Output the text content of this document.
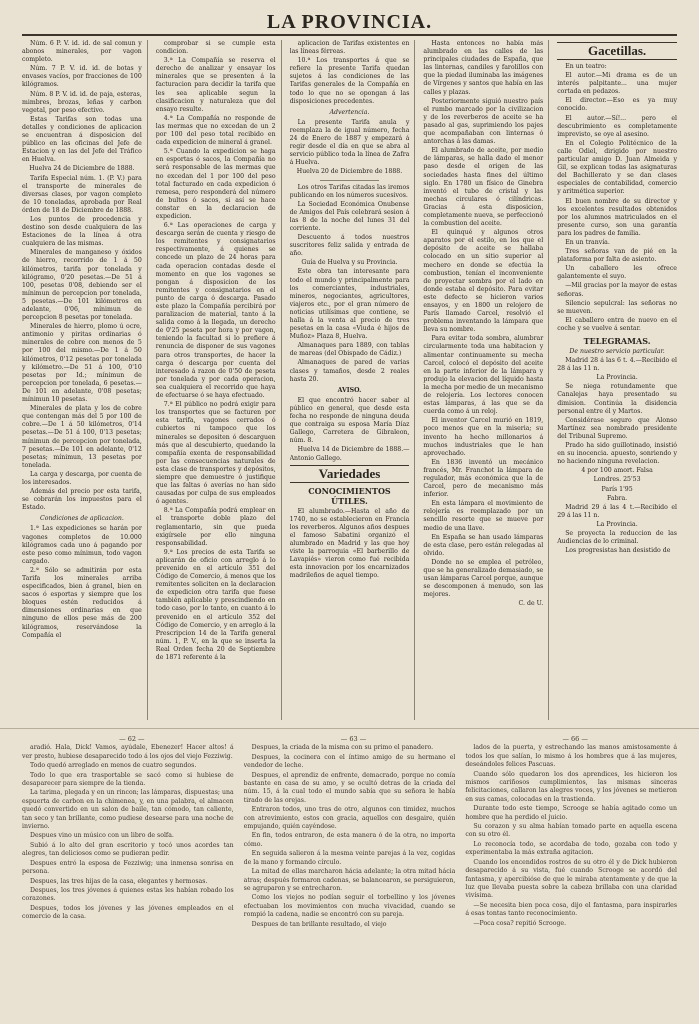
LA PROVINCIA.

Núm. 6 P. V. id. id. de sal comun y abonos minerales, por vagon completo.

Núm. 7 P. V. id. id. de botas y envases vacíos, por fracciones de 100 kilógramos.

Núm. 8 P. V. id. id. de paja, esteras, mimbres, brozas, leñas y carbon vegetal, por peso efectivo.

Estas Tarifas son todas una detalles y condiciones de aplicacion se encuentran á disposicion del público en las oficinas del Jefe de Estacion y en las del Jefe del Tráfico en Huelva.

Huelva 24 de Diciembre de 1888.

Tarifa Especial núm. 1. (P. V.) para el transporte de minerales de diversas clases, por vagon completo de 10 toneladas, aprobada por Real órden de 18 de Diciembre de 1888.

Los puntos de procedencia y destino son desde cualquiera de las Estaciones de la línea á otra cualquiera de las mismas.

Minerales de manganeso y óxidos de hierro, recorrido de 1 á 50 kilómetros, tarifa por tonelada y kilógramo, 0'20 pesetas.—De 51 á 100, pesetas 0'08, debiendo ser el mínimun de percepcion por tonelada, 5 pesetas.—De 101 kilómetros en adelante, 0'06, mínimun de percepcion 8 pesetas por tonelada.

Minerales de hierro, plomo ú ocre, antimonio y piritas ordinarias ó minerales de cobre con menos de 5 por 100 del mismo.—De 1 á 50 kilómetros, 0'12 pesetas por tonelada y kilómetro.—De 51 á 100, 0'10 pesetas por Id.; mínimun de percepcion por tonelada, 6 pesetas.—De 101 en adelante, 0'08 pesetas; mínimun 10 pesetas.

Minerales de plata y los de cobre que contengan más del 5 por 100 de cobre.—De 1 á 50 kilómetros, 0'14 pesetas.—De 51 á 100, 0'13 pesetas; mínimun de percepcion por tonelada, 7 pesetas.—De 101 en adelante, 0'12 pesetas; mínimun, 13 pesetas por tonelada.

La carga y descarga, por cuenta de los interesados.

Además del precio por esta tarifa, se cobrarán los impuestos para el Estado.

Condiciones de aplicacion.

1.ª Las expediciones se harán por vagones completos de 10.000 kilógramos cada uno á pagando por este peso como mínimun, todo vagon cargado.

2.ª Sólo se admitirán por esta Tarifa los minerales arriba especificados, bien á granel, bien en sacos ó esportas y siempre que los bloques estén reducidos á dimensiones ordinarias en que ninguno de ellos pese más de 200 kilógramos, reservándose la Compañía el

comprobar si se cumple esta condicion.

3.ª La Compañía se reserva el derecho de analizar y ensayar los minerales que se presenten á la facturacion para decidir la tarifa que les sea aplicable segun la clasificacion y naturaleza que del ensayo resulte.

4.ª La Compañía no responde de las mermas que no excedan de un 2 por 100 del peso total recibido en cada expedicion de mineral á granel.

5.ª Cuando la expedicion se haga en esportas ó sacos, la Compañía no será responsable de las mermas que no excedan del 1 por 100 del peso total facturado en cada expedicion ó remesa, pero responderá del número de bultos ó sacos, si así se hace constar en la declaracion de expedicion.

6.ª Las operaciones de carga y descarga serán de cuenta y riesgo de los remitentes y consignatarios respectivamente, á quienes se concede un plazo de 24 horas para cada operacion contadas desde el momento en que los vagones se pongan á disposicion de los remitentes y consignatarios en el punto de carga ó descarga. Pasado este plazo la Compañía percibirá por paralizacion de material, tanto á la salida como á la llegada, un derecho de 0'25 peseta por hora y por vagon, teniendo la facultad si lo prefiere á renuncia de disponer de sus vagones para otros transportes, de hacer la carga ó descarga por cuenta del interesado á razon de 0'50 de peseta por tonelada y por cada operacion, sea cualquiera el recorrido que haya de efectuarse ó se haya efectuado.

7.ª El público no podrá exigir para los transportes que se facturen por esta tarifa, vagones cerrados ó cubiertos ni tampoco que los minerales se depositen ó descarguen más que al descubierto, quedando la compañía exenta de responsabilidad por las consecuencias naturales de esta clase de transportes y depósitos, siempre que demuestre ó justifique que las faltas ó averías no han sido causadas por culpa de sus empleados ó agentes.

8.ª La Compañía podrá emplear en el transporte doble plazo del reglamentario, sin que pueda exigírsele por ello ninguna responsabilidad.

9.ª Los precios de esta Tarifa se aplicarán de oficio con arreglo á lo prevenido en el artículo 351 del Código de Comercio, á menos que los remitentes soliciten en la declaracion de expedicion otra tarifa que fuese también aplicable y prescindiendo en todo caso, por lo tanto, en cuanto á lo prevenido en el artículo 352 del Código de Comercio, y en arreglo á la Prescripcion 14 de la Tarifa general núm. 1, P. V., en la que se inserta la Real Orden fecha 20 de Septiembre de 1871 referente á la

aplicacion de Tarifas existentes en las líneas férreas.

10.ª Los transportes á que se refiere la presente Tarifa quedan sujetos á las condiciones de las Tarifas generales de la Compañía en todo lo que no se opongan á las disposiciones precedentes.

Advertencia.

La presente Tarifa anula y reemplaza la de igual número, fecha 24 de Enero de 1887 y empezará á regir desde el día en que se abra al servicio público toda la línea de Zafra á Huelva.

Huelva 20 de Diciembre de 1888.

Los otros Tarifas citadas las iremos publicando en los números sucesivos.

La Sociedad Económica Onubense de Amigos del País celebrará sesion á las 8 de la noche del lunes 31 del corriente.

Descuento á todos nuestros suscritores feliz salida y entrada de año.

Guía de Huelva y su Provincia.

Este obra tan interesante para todo el mundo y principalmente para los comerciantes, industriales, mineros, negociantes, agricultores, viajeros etc., por el gran número de noticias utilísimas que contiene, se halla á la venta al precio de tres pesetas en la casa «Viuda é hijos de Muñoz» Plaza 8, Huelva.

Almanaques para 1889, con tablas de mareas (del Obispado de Cádiz.)

Almanaques de pared de varias clases y tamaños, desde 2 reales hasta 20.

AVISO.

El que encontró hacer saber al público en general, que desde esta fecha no responde de ninguna deuda que contraiga su esposa María Díaz Gallego, Carretera de Gibraleon, núm. 8.

Huelva 14 de Diciembre de 1888.—Antonio Gallego.

Variedades

CONOCIMIENTOS ÚTILES.

El alumbrado.—Hasta el año de 1740, no se establecieron en Francia los reverberos. Algunos años despues el famoso Sabatini organizó el alumbrado en Madrid y las que hoy viste la parroquia «El barberillo de Lavapiés» vieron como fué recibida esta innovacion por los encarnizados madrileños de aquel tiempo.

Hasta entonces no había más alumbrado en las calles de las principales ciudades de España, que las linternas, candiles y farolillos con que la piedad iluminaba las imágenes de Vírgenes y santos que había en las calles y plazas.

Posteriormente siguió nuestro país el rumbo marcado por la civilizacion y de los reverberos de aceite se ha pasado al gas, suprimiendo los pajes que acompañaban con linternas ó antorchas á las damas.

El alumbrado de aceite, por medio de lámparas, se halla dado el menor paso desde el origen de las sociedades hasta fines del último siglo. En 1780 un físico de Ginebra inventó el tubo de cristal y las mechas circulares ó cilíndricas. Gracias á esta disposicion, completamente nueva, se perfeccionó la combustion del aceite.

El quinqué y algunos otros aparatos por el estilo, en los que el depósito de aceite se hallaba colocado en un sitio superior al mechero en donde se efectúa la combustion, tenían el inconveniente de proyectar sombra por el lado en donde estaba el depósito. Para evitar este defecto se hicieron varios ensayos, y en 1800 un relojero de París llamado Carcel, resolvió el problema inventando la lámpara que lleva su nombre.

Para evitar toda sombra, alumbrar circularmente toda una habitacion y alimentar continuamente su mecha Carcel, colocó el depósito del aceite en la parte inferior de la lámpara y produjo la elevacion del líquido hasta la mecha por medio de un mecanismo de relojería. Los lectores conocen estas lámparas, á las que se da cuerda como á un reloj.

El inventor Carcel murió en 1819, poco menos que en la miseria; su invento ha hecho millonarios á muchos industriales que le han aprovechado.

En 1836 inventó un mecánico francés, Mr. Franchot la lámpara de regulador, más económica que la de Carcel, pero de mecanismo más inferior.

En esta lámpara el movimiento de relojería es reemplazado por un sencillo resorte que se mueve por medio de una llave.

En España se han usado lámparas de esta clase, pero están relegadas al olvido.

Donde no se emplea el petróleo, que se ha generalizado demasiado, se usan lámparas Carcel porque, aunque se descomponen á menudo, son las mejores.

C. de U.

Gacetillas.

En un teatro:

El autor.—Mi drama es de un interés palpitante... una mujer cortada en pedazos.

El director.—Eso es ya muy conocido.

El autor.—Sí!... pero el descubrimiento es completamente imprevisto, se oye al asesino.

En el Colegio Politécnico de la calle Odiel, dirigido por nuestro particular amigo D. Juan Almeida y Gil, se explican todas las asignaturas del Bachillerato y se dan clases especiales de contabilidad, comercio y aritmética superior.

El buen nombre de su director y los excelentes resultados obtenidos por los alumnos matriculados en el presente curso, son una garantía para los padres de familia.

En un tranvía.

Tres señoras van de pié en la plataforma por falta de asiento.

Un caballero les ofrece galantemente el suyo.

—Mil gracias por la mayor de estas señoras.

Silencio sepulcral: las señoras no se mueven.

El caballero entra de nuevo en el coche y se vuelve á sentar.

TELEGRAMAS.

De nuestro servicio particular.

Madrid 28 á las 6 t. 4.—Recibido el 28 á las 11 n.

La Provincia.

Se niega rotundamente que Canalejas haya presentado su dimision. Continúa la disidencia personal entre él y Martos.

Considérase seguro que Alonso Martínez sea nombrado presidente del Tribunal Supremo.

Prado ha sido guillotinado, insistió en su inocencia. apuesto, sonriendo y no haciendo ninguna revelacion.

4 por 100 amort. Falsa

Londres. 25'53

París 1'95

Fabra.

Madrid 29 á las 4 t.—Recibido el 29 á las 11 n.

La Provincia.

Se proyecta la reduccion de las Audiencias de lo criminal.

Los progresistas han desistido de

— 62 —

aradió. Hala, Dick! Vamos, ayúdale, Ebenezer! Hacer altos! á ver presto, hubiese desaparecido todo á los ojos del viejo Fezziwig.

Todo quedó arreglado en menos de cuatro segundos.

Todo lo que era trasportable se sacó como si hubiese de desaparecer para siempre de la tienda.

La tarima, plegada y en un rincon; las lámparas, dispuestas; una espuerta de carbon en la chimenea, y, en una palabra, el almacen quedó convertido en un salon de baile, tan cómodo, tan caliente, tan seco y tan brillante, como pudiese desearse para una noche de invierno.

Despues vino un músico con un libro de solfa.

Subió á lo alto del gran escritorio y tocó unos acordes tan alegres, tan deliciosos como se pudieran pedir.

Despues entró la esposa de Fezziwig; una inmensa sonrisa en persona.

Despues, las tres hijas de la casa, elegantes y hermosas.

Despues, los tres jóvenes á quienes estas les habían robado los corazones.

Despues, todos los jóvenes y las jóvenes empleados en el comercio de la casa.

— 63 —

Despues, la criada de la misma con su primo el panadero.

Despues, la cocinera con el íntimo amigo de su hermano el vendedor de leche.

Despues, el aprendiz de enfrente, demacrado, porque no comía bastante en casa de su amo, y se ocultó detras de la criada del núm. 15, á la cual todo el mundo sabía que su señora le había tirado de las orejas.

Entraron todos, uno tras de otro, algunos con timidez, muchos con atrevimiento, estos con gracia, aquellos con desgaire, quién empujando, quién cayéndose.

En fin, todos entraron, de esta manera ó de la otra, no importa cómo.

En seguida salieron á la mesma veinte parejas á la vez, cogidas de la mano y formando círculo.

La mitad de ellas marcharon hácia adelante; la otra mitad hácia atras; después formaron cadenas, se balancearon, se persiguieron, se agruparon y se entrecharon.

Como los viejos no podían seguir el torbellino y los jóvenes efectuaban los movimientos con mucha vivacidad, cuando se rompió la cadena, nadie se encontró con su pareja.

Despues de tan brillante resultado, el viejo

— 66 —

lados de la puerta, y estrechando las manos amistosamente á todos los que salían, lo mismo á los hombres que á las mujeres, deseándoles felices Pascuas.

Cuando sólo quedaron los dos aprendices, les hicieron los mismos cariñosos cumplimientos, las mismas sinceras felicitaciones, callaron las alegres voces, y los jóvenes se metieron en sus camas, colocadas en la trastienda.

Durante todo este tiempo, Scrooge se había agitado como un hombre que ha perdido el juicio.

Su corazon y su alma habían tomado parte en aquella escena con su otro él.

Lo reconocía todo, se acordaba de todo, gozaba con todo y experimentaba la más extraña agitacion.

Cuando los encendidos rostros de su otro él y de Dick hubieron desaparecido á su vista, fué cuando Scrooge se acordó del fantasma, y apercibióse de que le miraba atentamente y de que la luz que llevaba puesta sobre la cabeza brillaba con una claridad vivísima.

—Se necesita bien poca cosa, dijo el fantasma, para inspirarles á esas tontas tanto reconocimiento.

—Poca cosa? repitió Scrooge.
